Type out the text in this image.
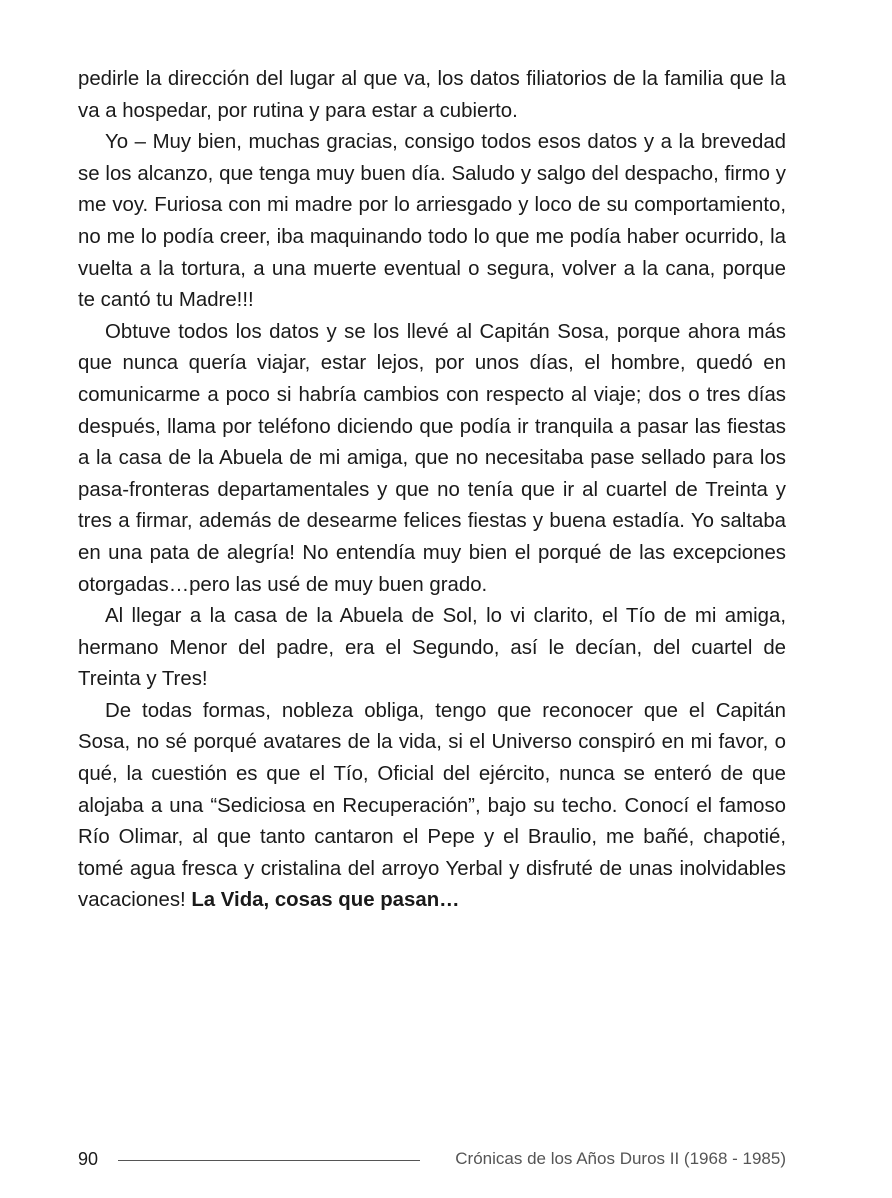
pedirle la dirección del lugar al que va, los datos filiatorios de la familia que la va a hospedar, por rutina y para estar a cubierto.

Yo – Muy bien, muchas gracias, consigo todos esos datos y a la brevedad se los alcanzo, que tenga muy buen día. Saludo y salgo del despacho, firmo y me voy. Furiosa con mi madre por lo arriesgado y loco de su comportamiento, no me lo podía creer, iba maquinando todo lo que me podía haber ocurrido, la vuelta a la tortura, a una muerte eventual o segura, volver a la cana, porque te cantó tu Madre!!!

Obtuve todos los datos y se los llevé al Capitán Sosa, porque ahora más que nunca quería viajar, estar lejos, por unos días, el hombre, quedó en comunicarme a poco si habría cambios con respecto al viaje; dos o tres días después, llama por teléfono diciendo que podía ir tranquila a pasar las fiestas a la casa de la Abuela de mi amiga, que no necesitaba pase sellado para los pasa-fronteras departamentales y que no tenía que ir al cuartel de Treinta y tres a firmar, además de desearme felices fiestas y buena estadía. Yo saltaba en una pata de alegría! No entendía muy bien el porqué de las excepciones otorgadas…pero las usé de muy buen grado.

Al llegar a la casa de la Abuela de Sol, lo vi clarito, el Tío de mi amiga, hermano Menor del padre, era el Segundo, así le decían, del cuartel de Treinta y Tres!

De todas formas, nobleza obliga, tengo que reconocer que el Capitán Sosa, no sé porqué avatares de la vida, si el Universo conspiró en mi favor, o qué, la cuestión es que el Tío, Oficial del ejército, nunca se enteró de que alojaba a una “Sediciosa en Recuperación”, bajo su techo. Conocí el famoso Río Olimar, al que tanto cantaron el Pepe y el Braulio, me bañé, chapotié, tomé agua fresca y cristalina del arroyo Yerbal y disfruté de unas inolvidables vacaciones! La Vida, cosas que pasan…

90	Crónicas de los Años Duros II (1968 - 1985)
